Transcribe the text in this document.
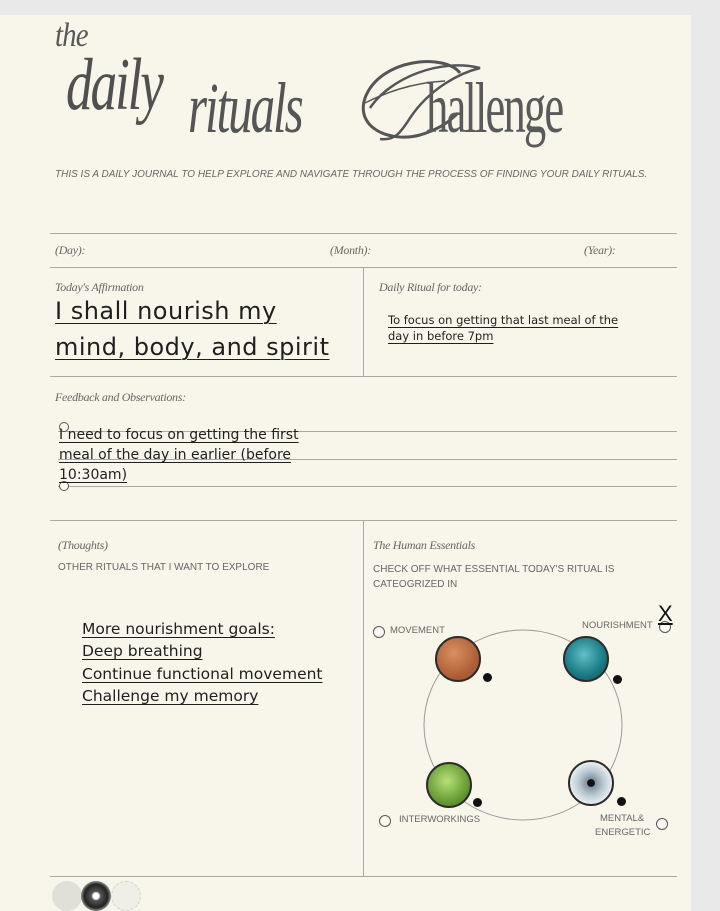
the
daily rituals hallenge
THIS IS A DAILY JOURNAL TO HELP EXPLORE AND NAVIGATE THROUGH THE PROCESS OF FINDING YOUR DAILY RITUALS.
(Day):	(Month):	(Year):
Today's Affirmation
I shall nourish my
mind, body, and spirit
Daily Ritual for today:
To focus on getting that last meal of the
day in before 7pm
Feedback and Observations:
I need to focus on getting the first
meal of the day in earlier (before
10:30am)
(Thoughts)
OTHER RITUALS THAT I WANT TO EXPLORE
More nourishment goals:
Deep breathing
Continue functional movement
Challenge my memory
The Human Essentials
CHECK OFF WHAT ESSENTIAL TODAY'S RITUAL IS CATEOGRIZED IN
MOVEMENT	NOURISHMENT X
INTERWORKINGS	MENTAL&
ENERGETIC
